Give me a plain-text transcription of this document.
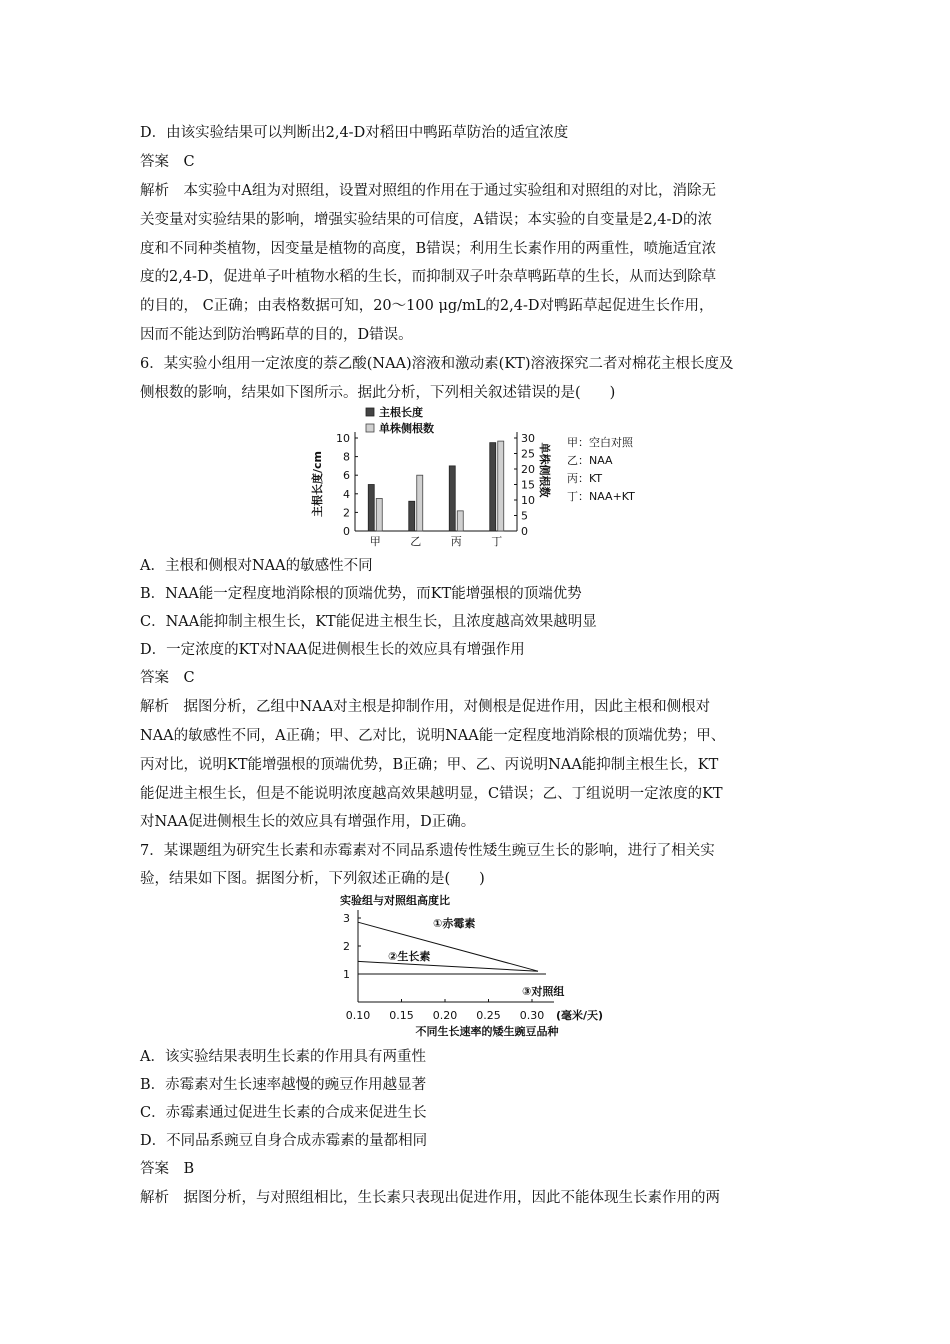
D．由该实验结果可以判断出2,4-D对稻田中鸭跖草防治的适宜浓度
答案　C
解析　本实验中A组为对照组，设置对照组的作用在于通过实验组和对照组的对比，消除无
关变量对实验结果的影响，增强实验结果的可信度，A错误；本实验的自变量是2,4-D的浓
度和不同种类植物，因变量是植物的高度，B错误；利用生长素作用的两重性，喷施适宜浓
度的2,4-D，促进单子叶植物水稻的生长，而抑制双子叶杂草鸭跖草的生长，从而达到除草
的目的， C正确；由表格数据可知，20～100 μg/mL的2,4-D对鸭跖草起促进生长作用，
因而不能达到防治鸭跖草的目的，D错误。
6．某实验小组用一定浓度的萘乙酸(NAA)溶液和激动素(KT)溶液探究二者对棉花主根长度及
侧根数的影响，结果如下图所示。据此分析，下列相关叙述错误的是(　　)
主根长度
单株侧根数
主根长度/cm	单株侧根数
0
2
4
6
8
10
0
5
10
15
20
25
30
甲	乙	丙	丁
甲：空白对照
乙：NAA
丙：KT
丁：NAA+KT
A．主根和侧根对NAA的敏感性不同
B．NAA能一定程度地消除根的顶端优势，而KT能增强根的顶端优势
C．NAA能抑制主根生长，KT能促进主根生长，且浓度越高效果越明显
D．一定浓度的KT对NAA促进侧根生长的效应具有增强作用
答案　C
解析　据图分析，乙组中NAA对主根是抑制作用，对侧根是促进作用，因此主根和侧根对
NAA的敏感性不同，A正确；甲、乙对比，说明NAA能一定程度地消除根的顶端优势；甲、
丙对比，说明KT能增强根的顶端优势，B正确；甲、乙、丙说明NAA能抑制主根生长，KT
能促进主根生长，但是不能说明浓度越高效果越明显，C错误；乙、丁组说明一定浓度的KT
对NAA促进侧根生长的效应具有增强作用，D正确。
7．某课题组为研究生长素和赤霉素对不同品系遗传性矮生豌豆生长的影响，进行了相关实
验，结果如下图。据图分析，下列叙述正确的是(　　)
实验组与对照组高度比
1
2
3
0.10 0.15 0.20 0.25 0.30
①赤霉素
②生长素
③对照组
(毫米/天)
不同生长速率的矮生豌豆品种
A．该实验结果表明生长素的作用具有两重性
B．赤霉素对生长速率越慢的豌豆作用越显著
C．赤霉素通过促进生长素的合成来促进生长
D．不同品系豌豆自身合成赤霉素的量都相同
答案　B
解析　据图分析，与对照组相比，生长素只表现出促进作用，因此不能体现生长素作用的两
